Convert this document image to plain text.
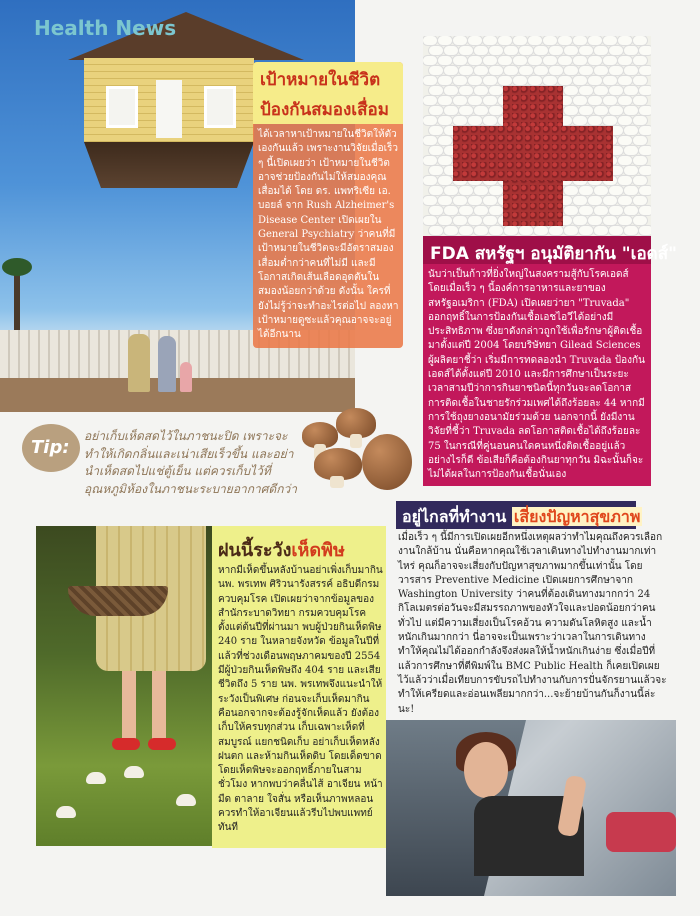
Health News
เป้าหมายในชีวิต
ป้องกันสมองเสื่อม
ได้เวลาหาเป้าหมายในชีวิตให้ตัวเองกันแล้ว เพราะงานวิจัยเมื่อเร็ว ๆ นี้เปิดเผยว่า เป้าหมายในชีวิตอาจช่วยป้องกันไม่ให้สมองคุณเสื่อมได้ โดย ดร. แพทริเซีย เอ. บอยล์ จาก Rush Alzheimer's Disease Center เปิดเผยใน General Psychiatry ว่าคนที่มีเป้าหมายในชีวิตจะมีอัตราสมองเสื่อมต่ำกว่าคนที่ไม่มี และมีโอกาสเกิดเส้นเลือดอุดตันในสมองน้อยกว่าด้วย ดังนั้น ใครที่ยังไม่รู้ว่าจะทำอะไรต่อไป ลองหาเป้าหมายดูซะแล้วคุณอาจจะอยู่ได้อีกนาน
FDA สหรัฐฯ อนุมัติยากัน "เอดส์"
นับว่าเป็นก้าวที่ยิ่งใหญ่ในสงครามสู้กับโรคเอดส์ โดยเมื่อเร็ว ๆ นี้องค์การอาหารและยาของสหรัฐอเมริกา (FDA) เปิดเผยว่ายา "Truvada" ออกฤทธิ์ในการป้องกันเชื้อเอชไอวีได้อย่างมีประสิทธิภาพ ซึ่งยาดังกล่าวถูกใช้เพื่อรักษาผู้ติดเชื้อมาตั้งแต่ปี 2004 โดยบริษัทยา Gilead Sciences ผู้ผลิตยาชี้ว่า เริ่มมีการทดลองนำ Truvada ป้องกันเอดส์ได้ตั้งแต่ปี 2010 และมีการศึกษาเป็นระยะเวลาสามปีว่าการกินยาชนิดนี้ทุกวันจะลดโอกาสการติดเชื้อในชายรักร่วมเพศได้ถึงร้อยละ 44 หากมีการใช้ถุงยางอนามัยร่วมด้วย นอกจากนี้ ยังมีงานวิจัยที่ชี้ว่า Truvada ลดโอกาสติดเชื้อได้ถึงร้อยละ 75 ในกรณีที่คู่นอนคนใดคนหนึ่งติดเชื้ออยู่แล้ว อย่างไรก็ดี ข้อเสียก็คือต้องกินยาทุกวัน มิฉะนั้นก็จะไม่ได้ผลในการป้องกันเชื้อนั่นเอง
Tip:
อย่าเก็บเห็ดสดไว้ในภาชนะปิด เพราะจะทำให้เกิดกลิ่นและเน่าเสียเร็วขึ้น และอย่านำเห็ดสดไปแช่ตู้เย็น แต่ควรเก็บไว้ที่อุณหภูมิห้องในภาชนะระบายอากาศดีกว่า
ฝนนี้ระวังเห็ดพิษ
หากมีเห็ดขึ้นหลังบ้านอย่าเพิ่งเก็บมากิน นพ. พรเทพ ศิริวนารังสรรค์ อธิบดีกรมควบคุมโรค เปิดเผยว่าจากข้อมูลของสำนักระบาดวิทยา กรมควบคุมโรค ตั้งแต่ต้นปีที่ผ่านมา พบผู้ป่วยกินเห็ดพิษ 240 ราย ในหลายจังหวัด ข้อมูลในปีที่แล้วที่ช่วงเดือนพฤษภาคมของปี 2554 มีผู้ป่วยกินเห็ดพิษถึง 404 ราย และเสียชีวิตถึง 5 ราย นพ. พรเทพจึงแนะนำให้ระวังเป็นพิเศษ ก่อนจะเก็บเห็ดมากิน คือนอกจากจะต้องรู้จักเห็ดแล้ว ยังต้องเก็บให้ครบทุกส่วน เก็บเฉพาะเห็ดที่สมบูรณ์ แยกชนิดเก็บ อย่าเก็บเห็ดหลังฝนตก และห้ามกินเห็ดดิบ โดยเด็ดขาด โดยเห็ดพิษจะออกฤทธิ์ภายในสามชั่วโมง หากพบว่าคลื่นไส้ อาเจียน หน้ามืด ตาลาย ใจสั่น หรือเห็นภาพหลอน ควรทำให้อาเจียนแล้วรีบไปพบแพทย์ทันที
อยู่ไกลที่ทำงาน เสี่ยงปัญหาสุขภาพ
เมื่อเร็ว ๆ นี้มีการเปิดเผยอีกหนึ่งเหตุผลว่าทำไมคุณถึงควรเลือกงานใกล้บ้าน นั่นคือหากคุณใช้เวลาเดินทางไปทำงานมากเท่าไหร่ คุณก็อาจจะเสี่ยงกับปัญหาสุขภาพมากขึ้นเท่านั้น โดยวารสาร Preventive Medicine เปิดเผยการศึกษาจาก Washington University ว่าคนที่ต้องเดินทางมากกว่า 24 กิโลเมตรต่อวันจะมีสมรรถภาพของหัวใจและปอดน้อยกว่าคนทั่วไป แต่มีความเสี่ยงเป็นโรคอ้วน ความดันโลหิตสูง และน้ำหนักเกินมากกว่า นี่อาจจะเป็นเพราะว่าเวลาในการเดินทางทำให้คุณไม่ได้ออกกำลังจึงส่งผลให้น้ำหนักเกินง่าย ซึ่งเมื่อปีที่แล้วการศึกษาที่ตีพิมพ์ใน BMC Public Health ก็เคยเปิดเผยไว้แล้วว่าเมื่อเทียบการขับรถไปทำงานกับการปั่นจักรยานแล้วจะทำให้เครียดและอ่อนเพลียมากกว่า...จะย้ายบ้านกันก็งานนี้ล่ะนะ!
